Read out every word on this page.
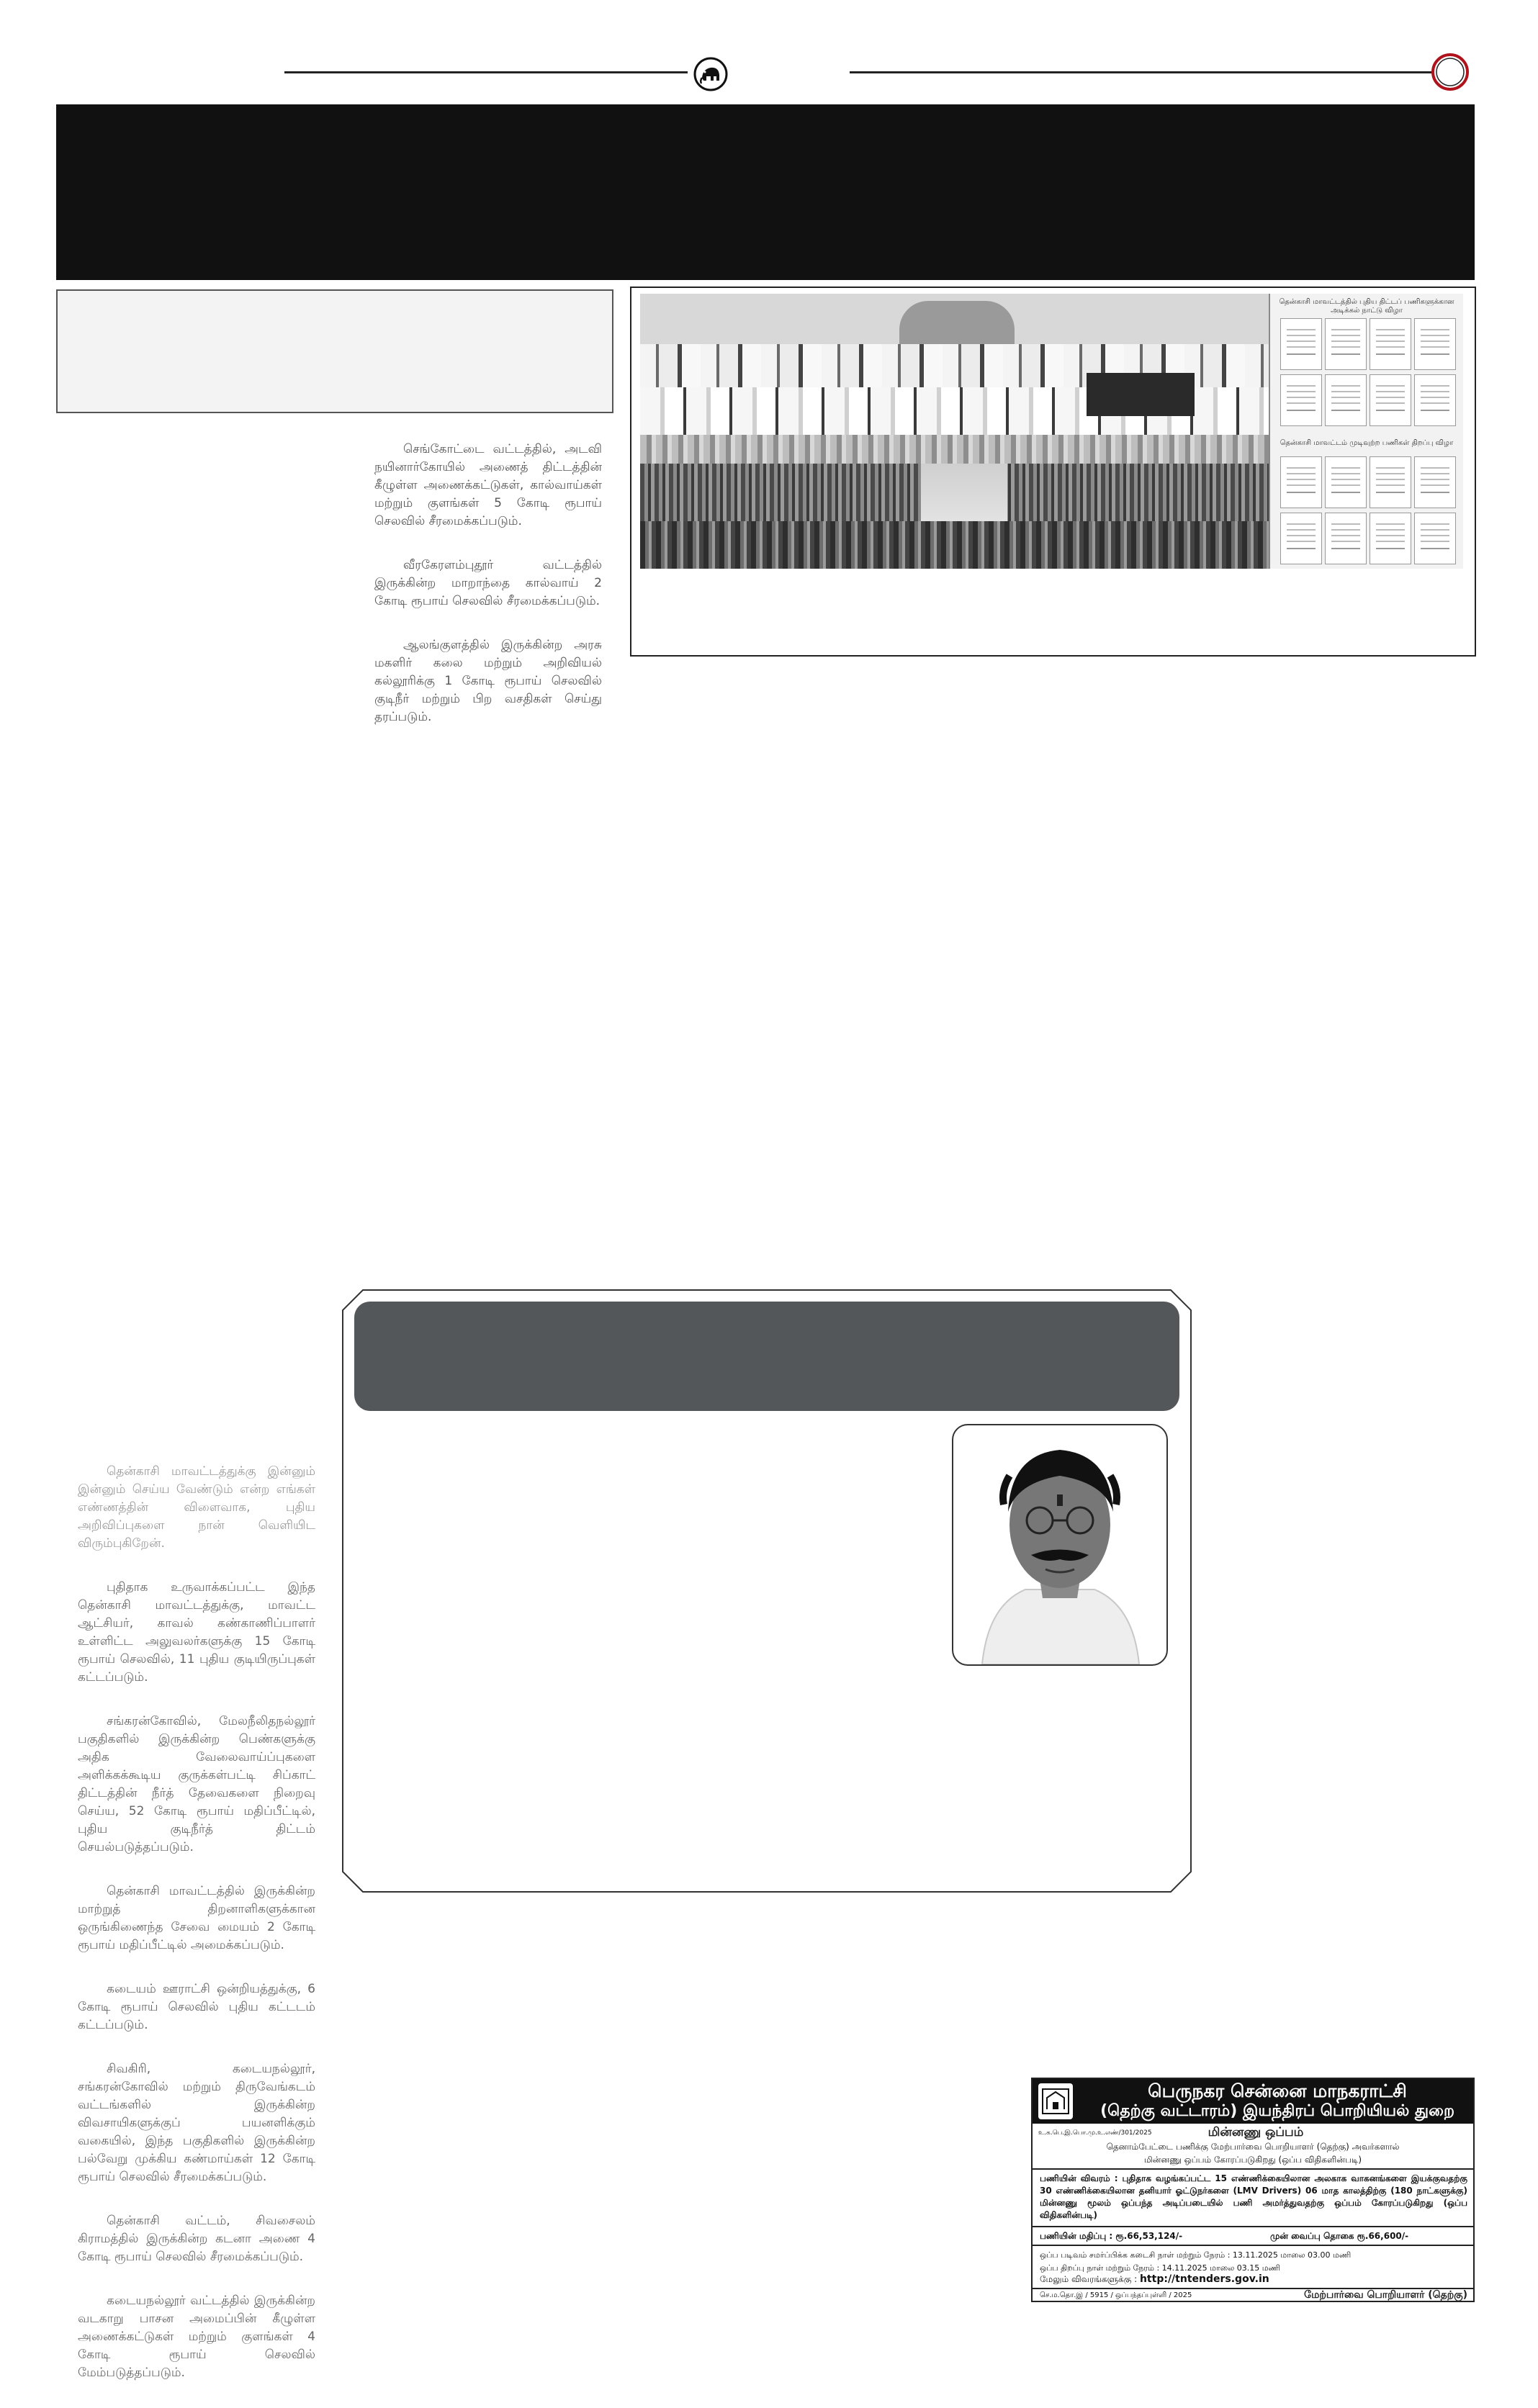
செங்கோட்டை வட்டத்தில், அடவி நயினார்கோயில் அணைத் திட்டத்தின் கீழுள்ள அணைக்கட்டுகள், கால்வாய்கள் மற்றும் குளங்கள் 5 கோடி ரூபாய் செலவில் சீரமைக்கப்படும்.

வீரகேரளம்புதூர் வட்டத்தில் இருக்கின்ற மாறாந்தை கால்வாய் 2 கோடி ரூபாய் செலவில் சீரமைக்கப்படும்.

ஆலங்குளத்தில் இருக்கின்ற அரசு மகளிர் கலை மற்றும் அறிவியல் கல்லூரிக்கு 1 கோடி ரூபாய் செலவில் குடிநீர் மற்றும் பிற வசதிகள் செய்து தரப்படும்.

தென்காசி மாவட்டத்தில் புதிய திட்டப் பணிகளுக்கான அடிக்கல் நாட்டு விழா
தென்காசி மாவட்டம் முடிவுற்ற பணிகள் திறப்பு விழா

தென்காசி மாவட்டத்துக்கு இன்னும் இன்னும் செய்ய வேண்டும் என்ற எங்கள் எண்ணத்தின் விளைவாக, புதிய அறிவிப்புகளை நான் வெளியிட விரும்புகிறேன்.

புதிதாக உருவாக்கப்பட்ட இந்த தென்காசி மாவட்டத்துக்கு, மாவட்ட ஆட்சியர், காவல் கண்காணிப்பாளர் உள்ளிட்ட அலுவலர்களுக்கு 15 கோடி ரூபாய் செலவில், 11 புதிய குடியிருப்புகள் கட்டப்படும்.

சங்கரன்கோவில், மேலநீலிதநல்லூர் பகுதிகளில் இருக்கின்ற பெண்களுக்கு அதிக வேலைவாய்ப்புகளை அளிக்கக்கூடிய குருக்கள்பட்டி சிப்காட் திட்டத்தின் நீர்த் தேவைகளை நிறைவு செய்ய, 52 கோடி ரூபாய் மதிப்பீட்டில், புதிய குடிநீர்த் திட்டம் செயல்படுத்தப்படும்.

தென்காசி மாவட்டத்தில் இருக்கின்ற மாற்றுத் திறனாளிகளுக்கான ஒருங்கிணைந்த சேவை மையம் 2 கோடி ரூபாய் மதிப்பீட்டில் அமைக்கப்படும்.

கடையம் ஊராட்சி ஒன்றியத்துக்கு, 6 கோடி ரூபாய் செலவில் புதிய கட்டடம் கட்டப்படும்.

சிவகிரி, கடையநல்லூர், சங்கரன்கோவில் மற்றும் திருவேங்கடம் வட்டங்களில் இருக்கின்ற விவசாயிகளுக்குப் பயனளிக்கும் வகையில், இந்த பகுதிகளில் இருக்கின்ற பல்வேறு முக்கிய கண்மாய்கள் 12 கோடி ரூபாய் செலவில் சீரமைக்கப்படும்.

தென்காசி வட்டம், சிவசைலம் கிராமத்தில் இருக்கின்ற கடனா அணை 4 கோடி ரூபாய் செலவில் சீரமைக்கப்படும்.

கடையநல்லூர் வட்டத்தில் இருக்கின்ற வடகாறு பாசன அமைப்பின் கீழுள்ள அணைக்கட்டுகள் மற்றும் குளங்கள் 4 கோடி ரூபாய் செலவில் மேம்படுத்தப்படும்.

பெருநகர சென்னை மாநகராட்சி
(தெற்கு வட்டாரம்) இயந்திரப் பொறியியல் துறை
உ.க.பெ.இ.பொ.மு.உ.எண்/301/2025	மின்னணு ஒப்பம்
தெனாம்பேட்டை பணிக்கு மேற்பார்வை பொறியாளர் (தெற்கு) அவர்களால்
மின்னணு ஒப்பம் கோரப்படுகிறது (ஒப்ப விதிகளின்படி)
பணியின் விவரம் : புதிதாக வழங்கப்பட்ட 15 எண்ணிக்கையிலான அலகாக வாகனங்களை இயக்குவதற்கு 30 எண்ணிக்கையிலான தனியார் ஓட்டுநர்களை (LMV Drivers) 06 மாத காலத்திற்கு (180 நாட்களுக்கு) மின்னணு மூலம் ஒப்பந்த அடிப்படையில் பணி அமர்த்துவதற்கு ஒப்பம் கோரப்படுகிறது (ஒப்ப விதிகளின்படி)
பணியின் மதிப்பு : ரூ.66,53,124/-	முன் வைப்பு தொகை ரூ.66,600/-
ஒப்ப படிவம் சமர்ப்பிக்க கடைசி நாள் மற்றும் நேரம் : 13.11.2025 மாலை 03.00 மணி
ஒப்ப திறப்பு நாள் மற்றும் நேரம் : 14.11.2025 மாலை 03.15 மணி
மேலும் விவரங்களுக்கு : http://tntenders.gov.in
செ.ம.தொ.இ / 5915 / ஒப்பந்தப்புள்ளி / 2025	மேற்பார்வை பொறியாளர் (தெற்கு)
